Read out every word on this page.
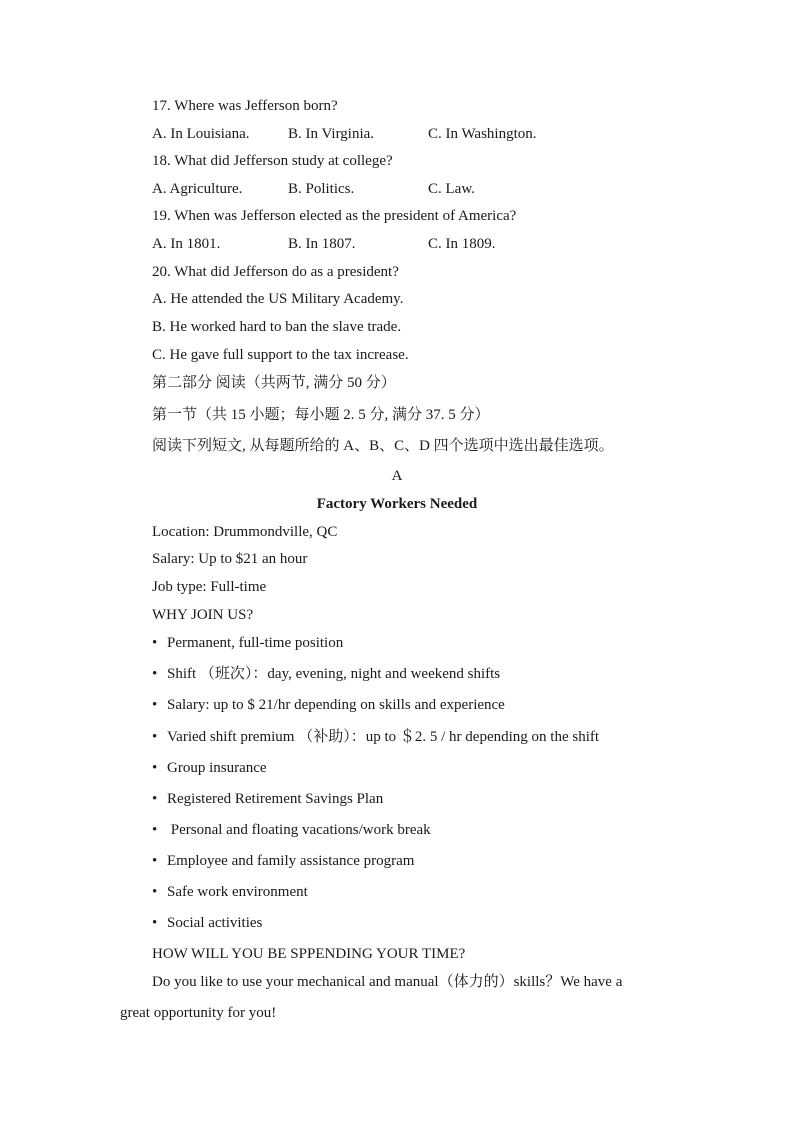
17. Where was Jefferson born?
A. In Louisiana.	B. In Virginia.	C. In Washington.
18. What did Jefferson study at college?
A. Agriculture.	B. Politics.	C. Law.
19. When was Jefferson elected as the president of America?
A. In 1801.	B. In 1807.	C. In 1809.
20. What did Jefferson do as a president?
A. He attended the US Military Academy.
B. He worked hard to ban the slave trade.
C. He gave full support to the tax increase.
第二部分 阅读（共两节, 满分 50 分）
第一节（共 15 小题；每小题 2. 5 分, 满分 37. 5 分）
阅读下列短文, 从每题所给的 A、B、C、D 四个选项中选出最佳选项。
A
Factory Workers Needed
Location: Drummondville, QC
Salary: Up to $21 an hour
Job type: Full-time
WHY JOIN US?
• Permanent, full-time position
• Shift （班次）：day, evening, night and weekend shifts
• Salary: up to $ 21/hr depending on skills and experience
• Varied shift premium （补助）：up to ＄2. 5 / hr depending on the shift
• Group insurance
• Registered Retirement Savings Plan
• Personal and floating vacations/work break
• Employee and family assistance program
• Safe work environment
• Social activities
HOW WILL YOU BE SPPENDING YOUR TIME?
Do you like to use your mechanical and manual（体力的）skills？We have a
great opportunity for you!
